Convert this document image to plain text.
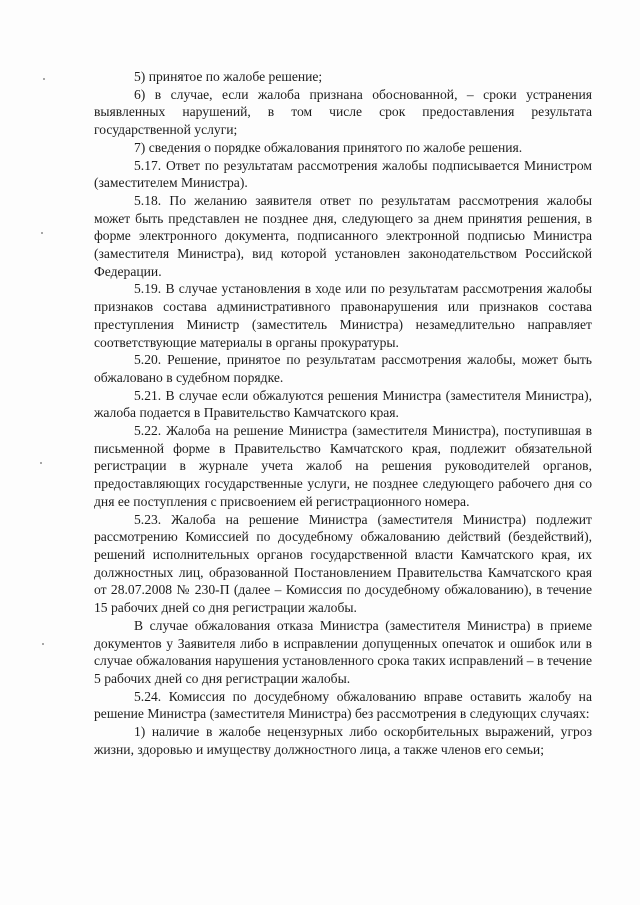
5) принятое по жалобе решение;

6) в случае, если жалоба признана обоснованной, – сроки устранения выявленных нарушений, в том числе срок предоставления результата государственной услуги;

7) сведения о порядке обжалования принятого по жалобе решения.

5.17. Ответ по результатам рассмотрения жалобы подписывается Министром (заместителем Министра).

5.18. По желанию заявителя ответ по результатам рассмотрения жалобы может быть представлен не позднее дня, следующего за днем принятия решения, в форме электронного документа, подписанного электронной подписью Министра (заместителя Министра), вид которой установлен законодательством Российской Федерации.

5.19. В случае установления в ходе или по результатам рассмотрения жалобы признаков состава административного правонарушения или признаков состава преступления Министр (заместитель Министра) незамедлительно направляет соответствующие материалы в органы прокуратуры.

5.20. Решение, принятое по результатам рассмотрения жалобы, может быть обжаловано в судебном порядке.

5.21. В случае если обжалуются решения Министра (заместителя Министра), жалоба подается в Правительство Камчатского края.

5.22. Жалоба на решение Министра (заместителя Министра), поступившая в письменной форме в Правительство Камчатского края, подлежит обязательной регистрации в журнале учета жалоб на решения руководителей органов, предоставляющих государственные услуги, не позднее следующего рабочего дня со дня ее поступления с присвоением ей регистрационного номера.

5.23. Жалоба на решение Министра (заместителя Министра) подлежит рассмотрению Комиссией по досудебному обжалованию действий (бездействий), решений исполнительных органов государственной власти Камчатского края, их должностных лиц, образованной Постановлением Правительства Камчатского края от 28.07.2008 № 230-П (далее – Комиссия по досудебному обжалованию), в течение 15 рабочих дней со дня регистрации жалобы.

В случае обжалования отказа Министра (заместителя Министра) в приеме документов у Заявителя либо в исправлении допущенных опечаток и ошибок или в случае обжалования нарушения установленного срока таких исправлений – в течение 5 рабочих дней со дня регистрации жалобы.

5.24. Комиссия по досудебному обжалованию вправе оставить жалобу на решение Министра (заместителя Министра) без рассмотрения в следующих случаях:

1) наличие в жалобе нецензурных либо оскорбительных выражений, угроз жизни, здоровью и имуществу должностного лица, а также членов его семьи;
